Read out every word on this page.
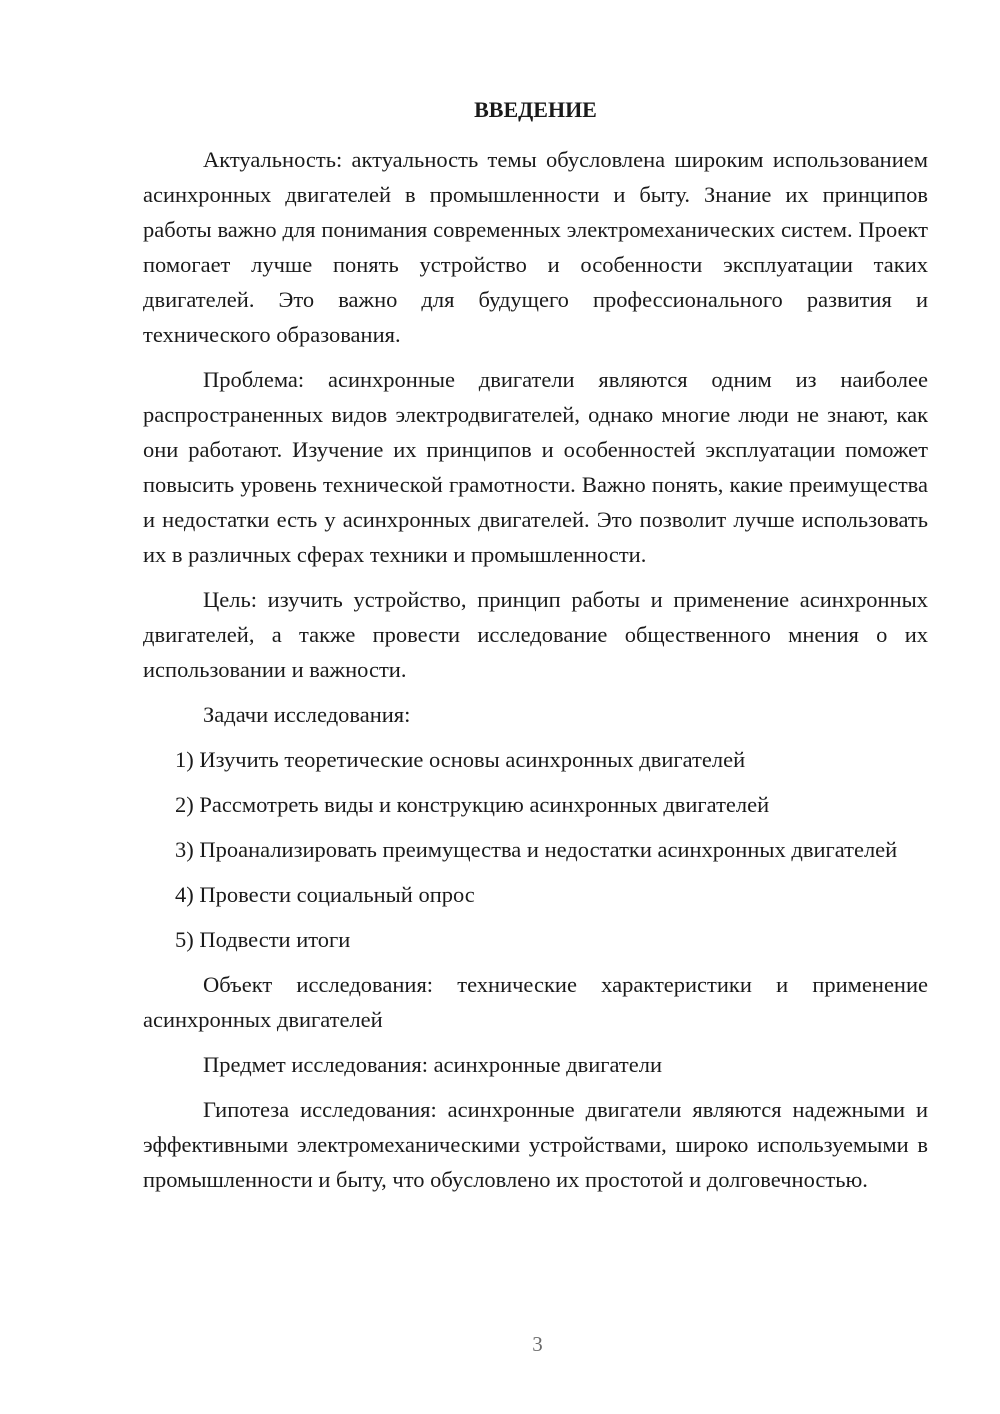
ВВЕДЕНИЕ

Актуальность: актуальность темы обусловлена широким использованием асинхронных двигателей в промышленности и быту. Знание их принципов работы важно для понимания современных электромеханических систем. Проект помогает лучше понять устройство и особенности эксплуатации таких двигателей. Это важно для будущего профессионального развития и технического образования.

Проблема: асинхронные двигатели являются одним из наиболее распространенных видов электродвигателей, однако многие люди не знают, как они работают. Изучение их принципов и особенностей эксплуатации поможет повысить уровень технической грамотности. Важно понять, какие преимущества и недостатки есть у асинхронных двигателей. Это позволит лучше использовать их в различных сферах техники и промышленности.

Цель: изучить устройство, принцип работы и применение асинхронных двигателей, а также провести исследование общественного мнения о их использовании и важности.

Задачи исследования:

1) Изучить теоретические основы асинхронных двигателей

2) Рассмотреть виды и конструкцию асинхронных двигателей

3) Проанализировать преимущества и недостатки асинхронных двигателей

4) Провести социальный опрос

5) Подвести итоги

Объект исследования: технические характеристики и применение асинхронных двигателей

Предмет исследования: асинхронные двигатели

Гипотеза исследования: асинхронные двигатели являются надежными и эффективными электромеханическими устройствами, широко используемыми в промышленности и быту, что обусловлено их простотой и долговечностью.

3
